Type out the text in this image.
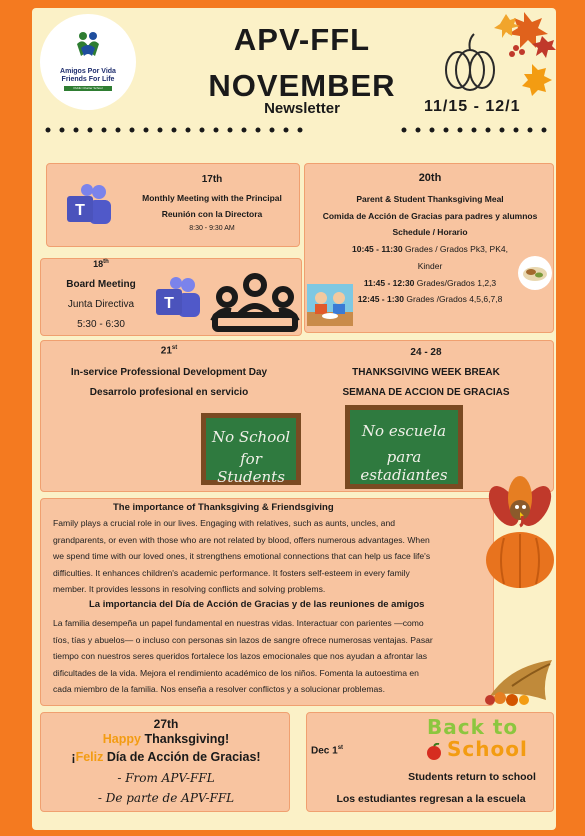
Amigos Por Vida
Friends For Life
Public Charter School
APV-FFL
NOVEMBER
Newsletter	11/15 - 12/1
T
17th
Monthly Meeting with the Principal
Reunión con la Directora
8:30 - 9:30 AM
18th
Board Meeting
Junta Directiva
5:30 - 6:30
T
20th
Parent & Student Thanksgiving Meal
Comida de Acción de Gracias para padres y alumnos
Schedule / Horario
10:45 - 11:30 Grades / Grados Pk3, PK4,
Kinder
11:45 - 12:30 Grades/Grados 1,2,3
12:45 - 1:30 Grades /Grados 4,5,6,7,8
21st
In-service Professional Development Day
Desarrolo profesional en servicio
No School
for Students
24 - 28
THANKSGIVING WEEK BREAK
SEMANA DE ACCION DE GRACIAS
No escuela
para estadiantes
The importance of Thanksgiving & Friendsgiving
Family plays a crucial role in our lives. Engaging with relatives, such as aunts, uncles, and
grandparents, or even with those who are not related by blood, offers numerous advantages. When
we spend time with our loved ones, it strengthens emotional connections that can help us face life's
difficulties. It enhances children's academic performance. It fosters self-esteem in every family
member. It provides lessons in resolving conflicts and solving problems.
La importancia del Día de Acción de Gracias y de las reuniones de amigos
La familia desempeña un papel fundamental en nuestras vidas. Interactuar con parientes —como
tíos, tías y abuelos— o incluso con personas sin lazos de sangre ofrece numerosas ventajas. Pasar
tiempo con nuestros seres queridos fortalece los lazos emocionales que nos ayudan a afrontar las
dificultades de la vida. Mejora el rendimiento académico de los niños. Fomenta la autoestima en
cada miembro de la familia. Nos enseña a resolver conflictos y a solucionar problemas.
27th
Happy Thanksgiving!
¡Feliz Día de Acción de Gracias!
- From APV-FFL
- De parte de APV-FFL
Dec 1st
Back to
School
Students return to school
Los estudiantes regresan a la escuela
